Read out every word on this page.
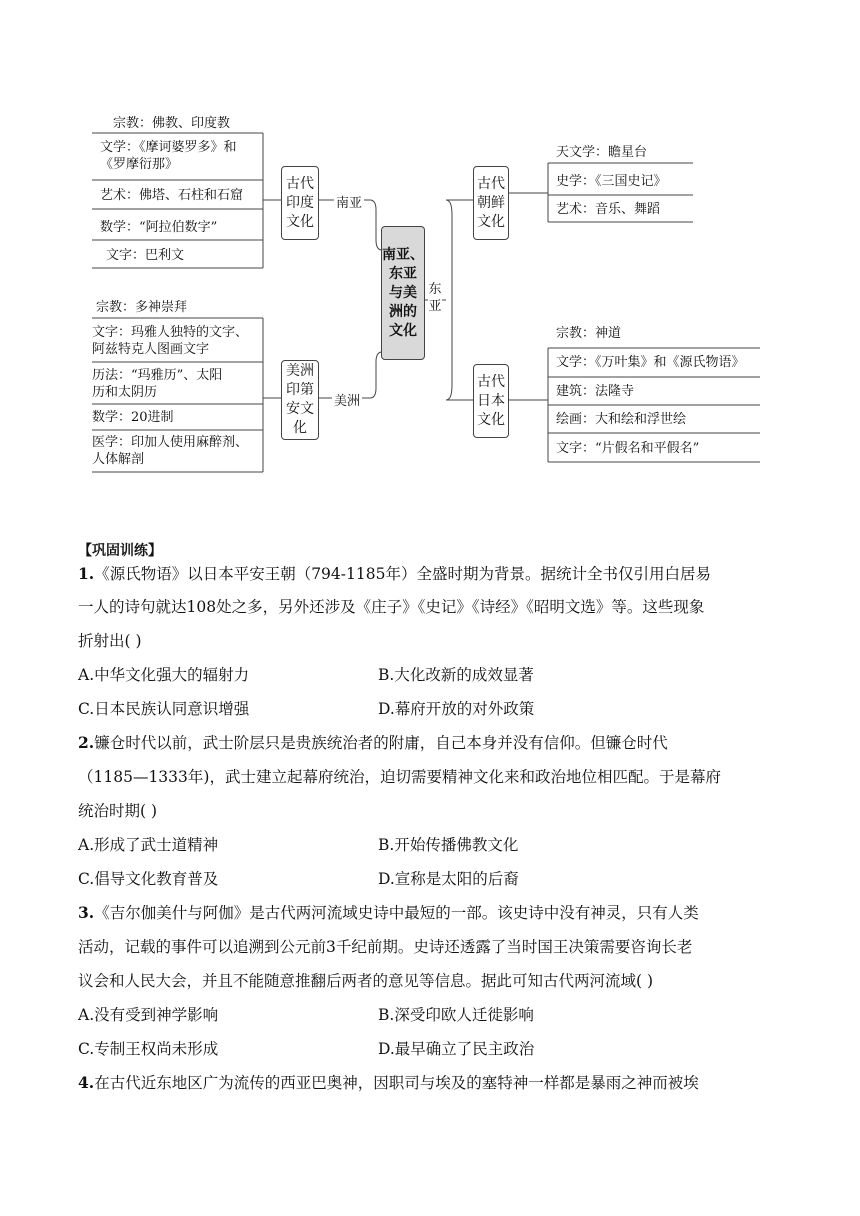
宗教：佛教、印度教
文学：《摩诃婆罗多》和
《罗摩衍那》
艺术：佛塔、石柱和石窟
数学：“阿拉伯数字”
文字：巴利文
古代
印度
文化
南亚
宗教：多神崇拜
文字：玛雅人独特的文字、
阿兹特克人图画文字
历法：“玛雅历”、太阳
历和太阴历
数学：20进制
医学：印加人使用麻醉剂、
人体解剖
美洲
印第
安文
化
美洲
南亚、
东亚
与美
洲的
文化
东
亚
古代
朝鲜
文化
天文学：瞻星台
史学：《三国史记》
艺术：音乐、舞蹈
古代
日本
文化
宗教：神道
文学：《万叶集》和《源氏物语》
建筑：法隆寺
绘画：大和绘和浮世绘
文字：“片假名和平假名”
【巩固训练】
1.《源氏物语》以日本平安王朝（794-1185年）全盛时期为背景。据统计全书仅引用白居易
一人的诗句就达108处之多，另外还涉及《庄子》《史记》《诗经》《昭明文选》等。这些现象
折射出( )
A.中华文化强大的辐射力	B.大化改新的成效显著
C.日本民族认同意识增强	D.幕府开放的对外政策
2.镰仓时代以前，武士阶层只是贵族统治者的附庸，自己本身并没有信仰。但镰仓时代
（1185—1333年)，武士建立起幕府统治，迫切需要精神文化来和政治地位相匹配。于是幕府
统治时期( )
A.形成了武士道精神	B.开始传播佛教文化
C.倡导文化教育普及	D.宣称是太阳的后裔
3.《吉尔伽美什与阿伽》是古代两河流域史诗中最短的一部。该史诗中没有神灵，只有人类
活动，记载的事件可以追溯到公元前3千纪前期。史诗还透露了当时国王决策需要咨询长老
议会和人民大会，并且不能随意推翻后两者的意见等信息。据此可知古代两河流域( )
A.没有受到神学影响	B.深受印欧人迁徙影响
C.专制王权尚未形成	D.最早确立了民主政治
4.在古代近东地区广为流传的西亚巴奥神，因职司与埃及的塞特神一样都是暴雨之神而被埃
